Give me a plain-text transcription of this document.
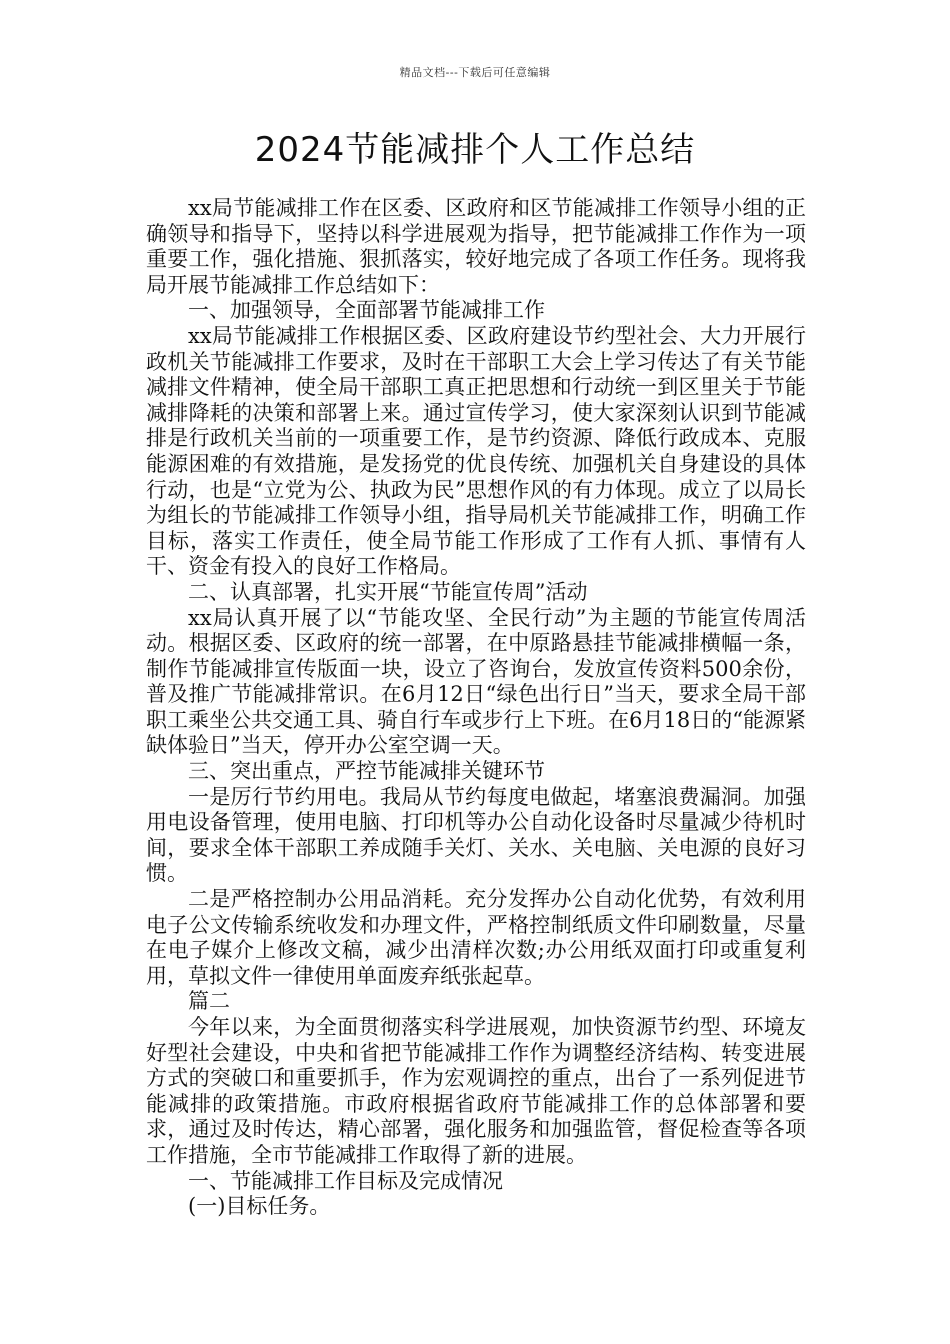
精品文档---下载后可任意编辑
2024节能减排个人工作总结

xx局节能减排工作在区委、区政府和区节能减排工作领导小组的正确领导和指导下，坚持以科学进展观为指导，把节能减排工作作为一项重要工作，强化措施、狠抓落实，较好地完成了各项工作任务。现将我局开展节能减排工作总结如下：

一、加强领导，全面部署节能减排工作

xx局节能减排工作根据区委、区政府建设节约型社会、大力开展行政机关节能减排工作要求，及时在干部职工大会上学习传达了有关节能减排文件精神，使全局干部职工真正把思想和行动统一到区里关于节能减排降耗的决策和部署上来。通过宣传学习，使大家深刻认识到节能减排是行政机关当前的一项重要工作，是节约资源、降低行政成本、克服能源困难的有效措施，是发扬党的优良传统、加强机关自身建设的具体行动，也是“立党为公、执政为民”思想作风的有力体现。成立了以局长为组长的节能减排工作领导小组，指导局机关节能减排工作，明确工作目标，落实工作责任，使全局节能工作形成了工作有人抓、事情有人干、资金有投入的良好工作格局。

二、认真部署，扎实开展“节能宣传周”活动

xx局认真开展了以“节能攻坚、全民行动”为主题的节能宣传周活动。根据区委、区政府的统一部署，在中原路悬挂节能减排横幅一条，制作节能减排宣传版面一块，设立了咨询台，发放宣传资料500余份，普及推广节能减排常识。在6月12日“绿色出行日”当天，要求全局干部职工乘坐公共交通工具、骑自行车或步行上下班。在6月18日的“能源紧缺体验日”当天，停开办公室空调一天。

三、突出重点，严控节能减排关键环节

一是厉行节约用电。我局从节约每度电做起，堵塞浪费漏洞。加强用电设备管理，使用电脑、打印机等办公自动化设备时尽量减少待机时间，要求全体干部职工养成随手关灯、关水、关电脑、关电源的良好习惯。

二是严格控制办公用品消耗。充分发挥办公自动化优势，有效利用电子公文传输系统收发和办理文件，严格控制纸质文件印刷数量，尽量在电子媒介上修改文稿，减少出清样次数;办公用纸双面打印或重复利用，草拟文件一律使用单面废弃纸张起草。

篇二

今年以来，为全面贯彻落实科学进展观，加快资源节约型、环境友好型社会建设，中央和省把节能减排工作作为调整经济结构、转变进展方式的突破口和重要抓手，作为宏观调控的重点，出台了一系列促进节能减排的政策措施。市政府根据省政府节能减排工作的总体部署和要求，通过及时传达，精心部署，强化服务和加强监管，督促检查等各项工作措施，全市节能减排工作取得了新的进展。

一、节能减排工作目标及完成情况

(一)目标任务。
